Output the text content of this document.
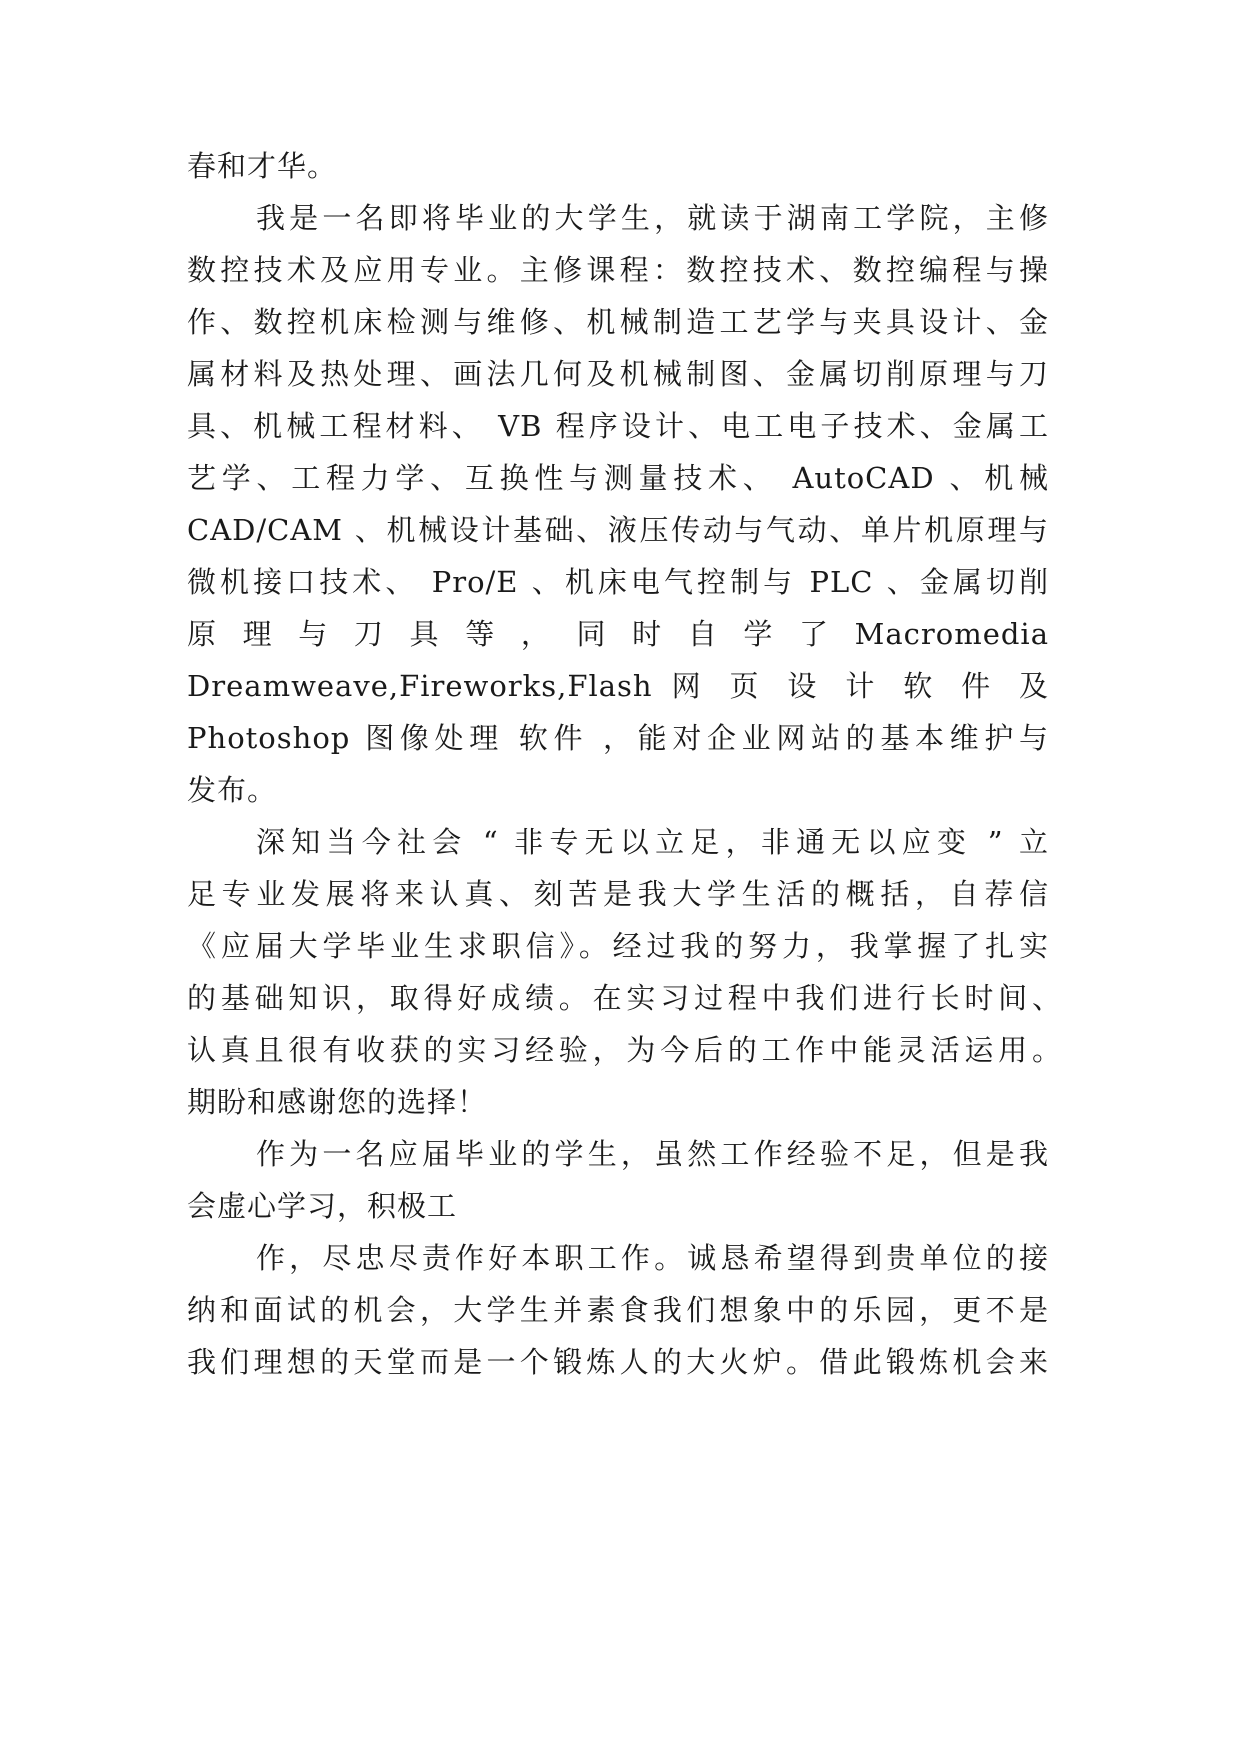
春和才华。
我是一名即将毕业的大学生，就读于湖南工学院，主修
数控技术及应用专业。主修课程：数控技术、数控编程与操
作、数控机床检测与维修、机械制造工艺学与夹具设计、金
属材料及热处理、画法几何及机械制图、金属切削原理与刀
具、机械工程材料、 VB 程序设计、电工电子技术、金属工
艺学、工程力学、互换性与测量技术、 AutoCAD 、机械
CAD/CAM 、机械设计基础、液压传动与气动、单片机原理与
微机接口技术、 Pro/E 、机床电气控制与 PLC 、金属切削
原 理 与 刀 具 等 ， 同 时 自 学 了 Macromedia
Dreamweave,Fireworks,Flash 网 页 设 计 软 件 及
Photoshop 图像处理 软件 ，能对企业网站的基本维护与
发布。
深知当今社会 “ 非专无以立足，非通无以应变 ” 立
足专业发展将来认真、刻苦是我大学生活的概括，自荐信
《应届大学毕业生求职信》。经过我的努力，我掌握了扎实
的基础知识，取得好成绩。在实习过程中我们进行长时间、
认真且很有收获的实习经验，为今后的工作中能灵活运用。
期盼和感谢您的选择！
作为一名应届毕业的学生，虽然工作经验不足，但是我
会虚心学习，积极工
作，尽忠尽责作好本职工作。诚恳希望得到贵单位的接
纳和面试的机会，大学生并素食我们想象中的乐园，更不是
我们理想的天堂而是一个锻炼人的大火炉。借此锻炼机会来
